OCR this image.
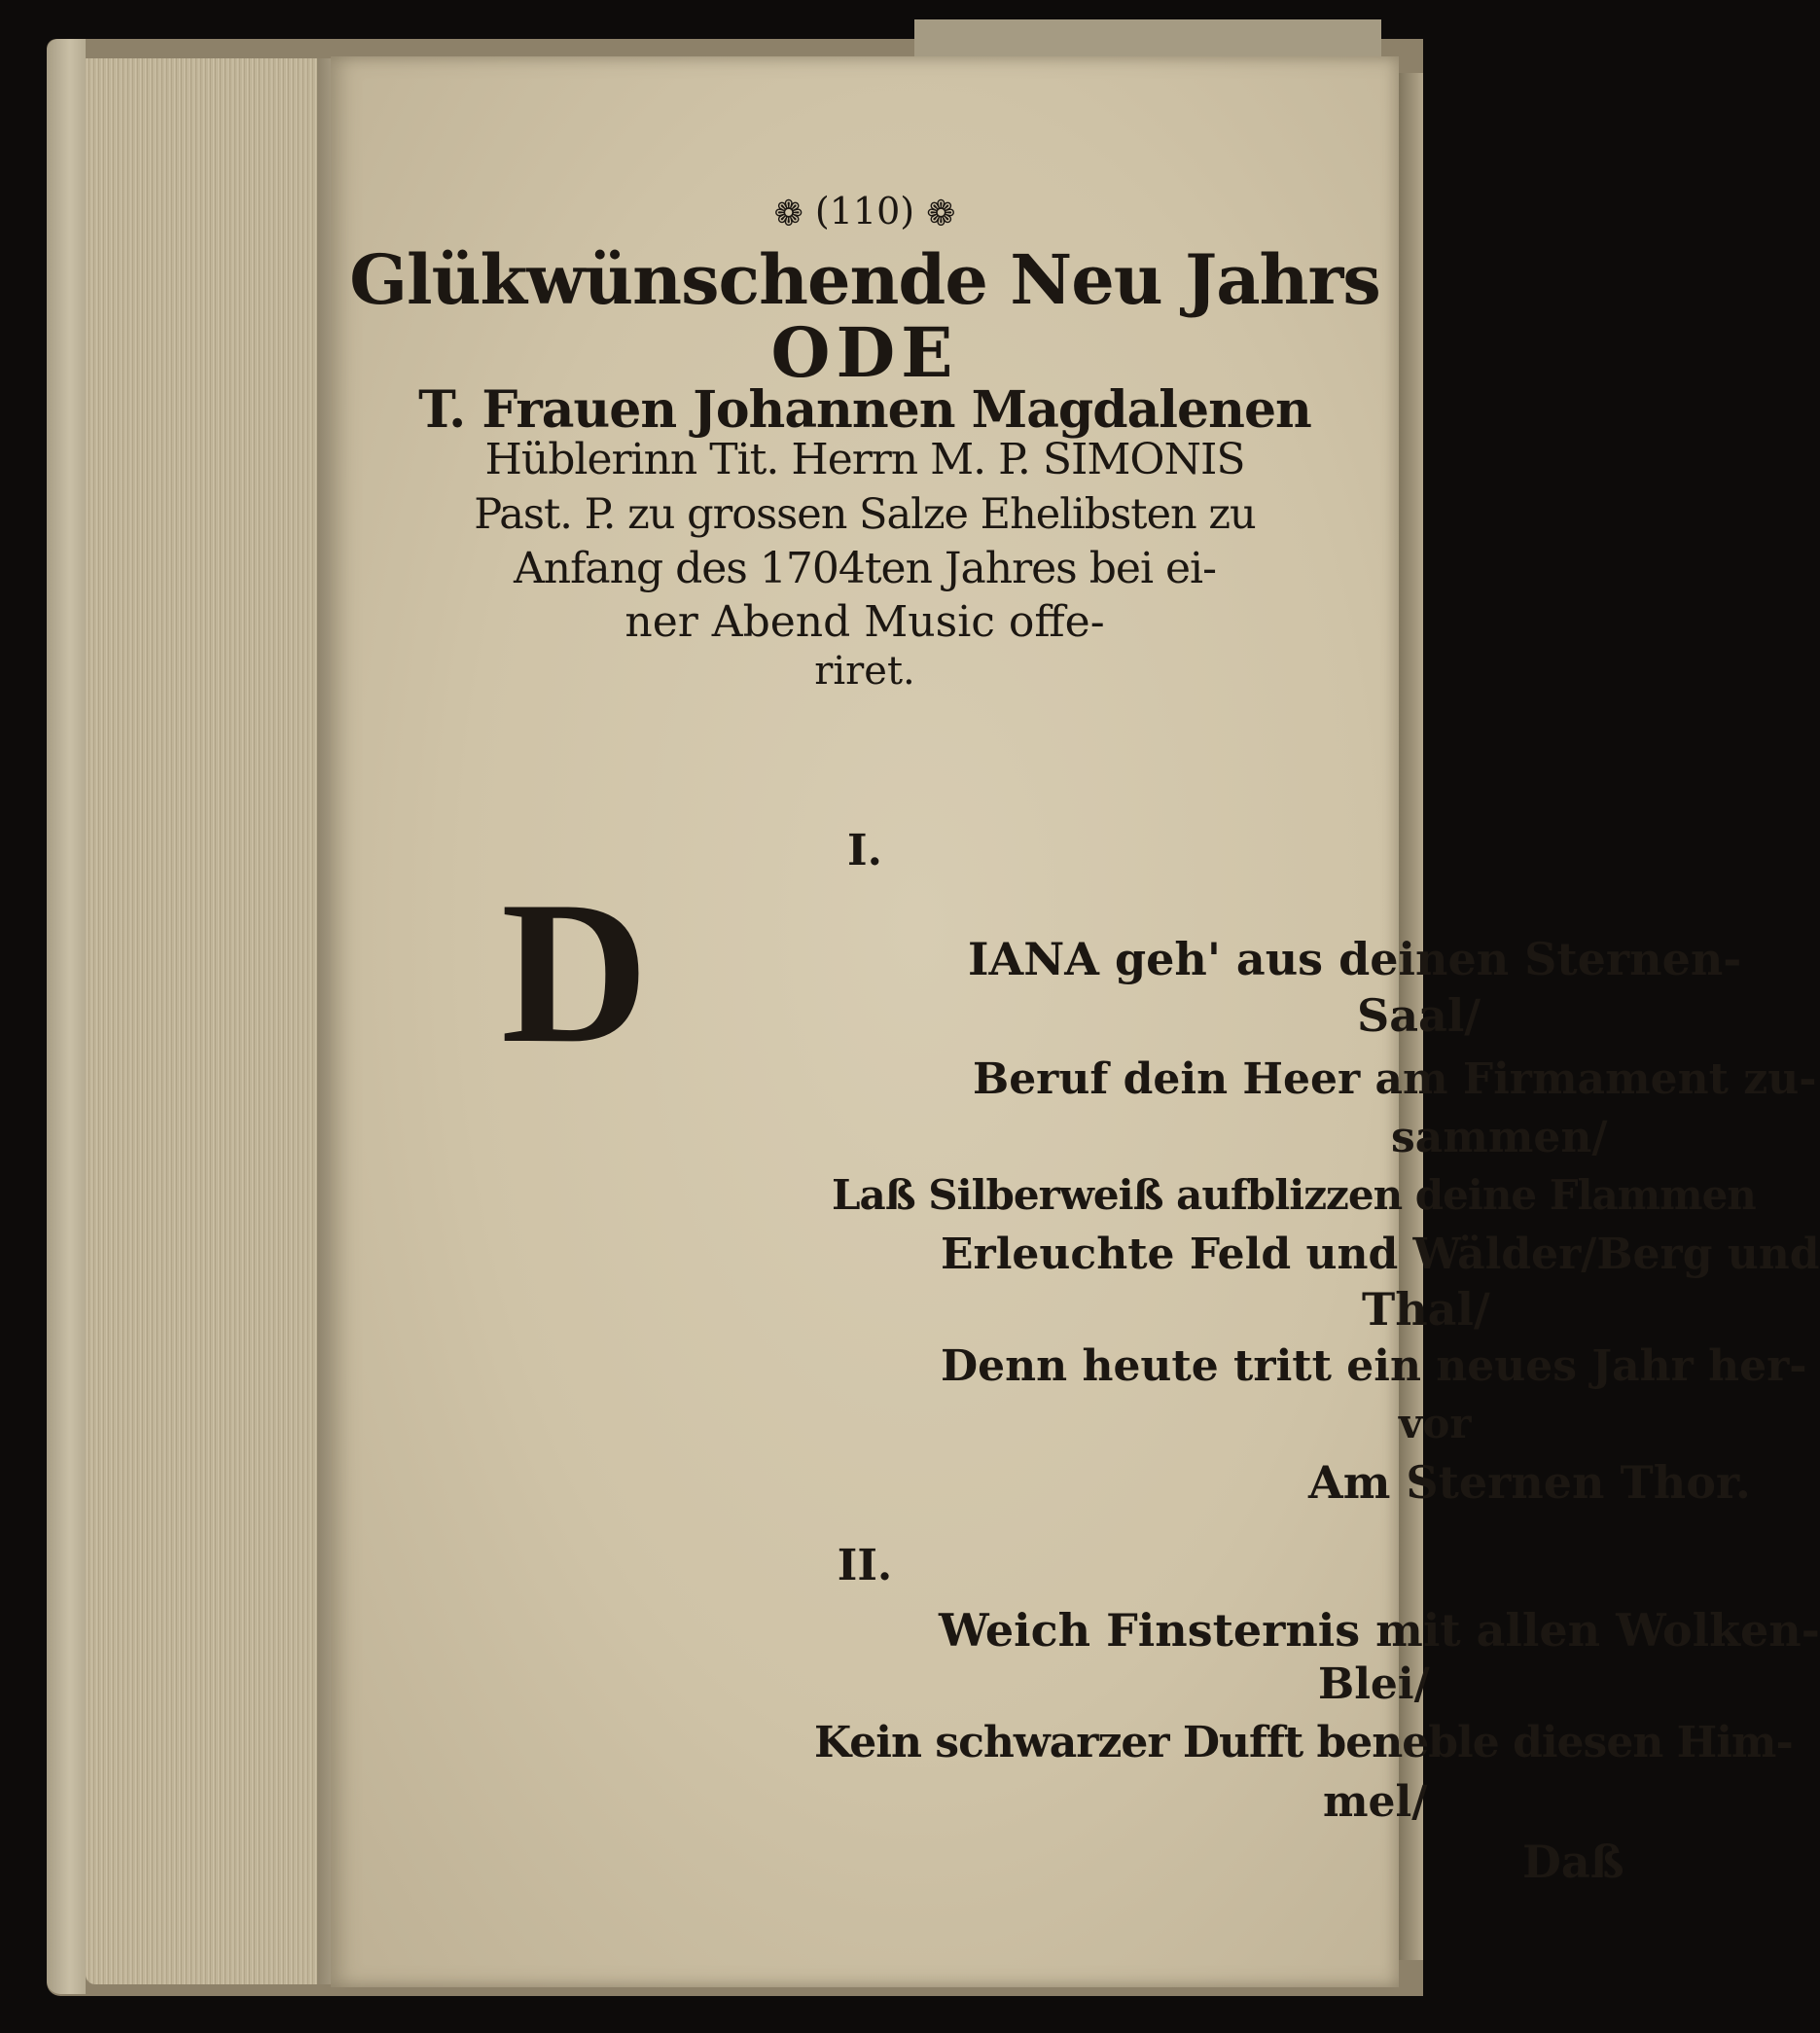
❁ (110) ❁
Glükwünschende Neu Jahrs
ODE
T. Frauen Johannen Magdalenen
Hüblerinn Tit. Herrn M. P. SIMONIS
Past. P. zu grossen Salze Ehelibsten zu
Anfang des 1704ten Jahres bei ei-
ner Abend Music offe-
riret.
I.
IANA geh' aus deinen Sternen-
Saal/
Beruf dein Heer am Firmament zu-
sammen/
Laß Silberweiß aufblizzen deine Flammen
Erleuchte Feld und Wälder/Berg und
Thal/
Denn heute tritt ein neues Jahr her-
vor
Am Sternen Thor.
II.
Weich Finsternis mit allen Wolken-
Blei/
Kein schwarzer Dufft beneble diesen Him-
mel/
Daß
D
